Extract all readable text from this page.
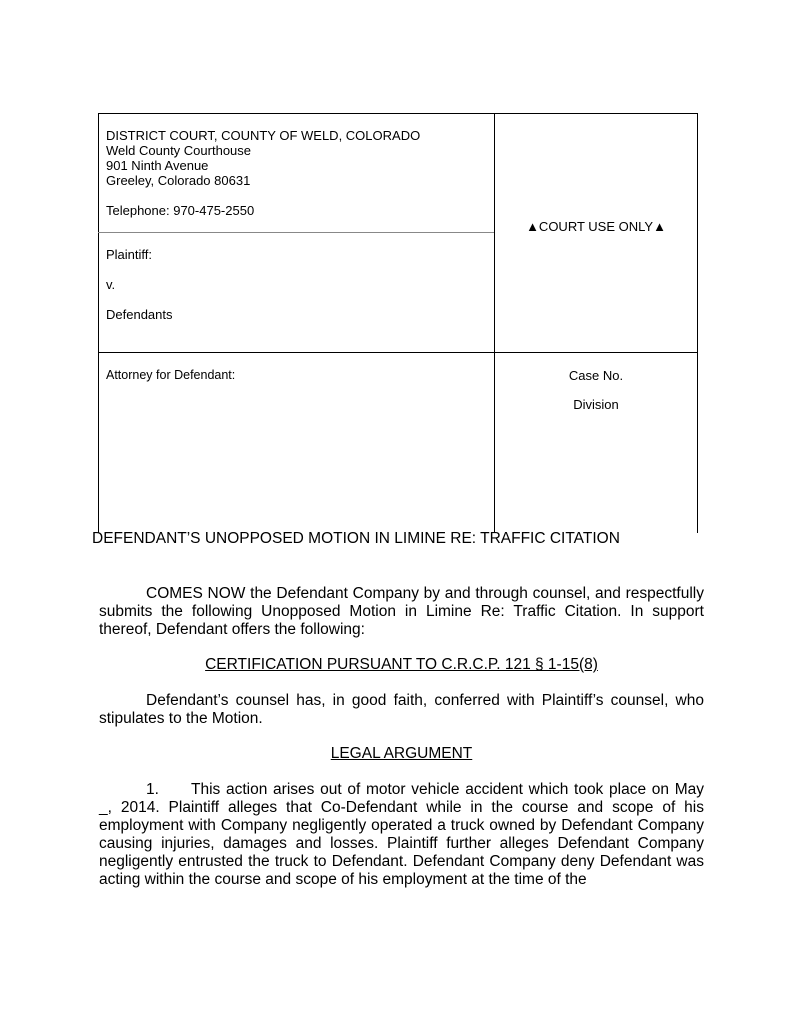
DISTRICT COURT, COUNTY OF WELD, COLORADO
Weld County Courthouse
901 Ninth Avenue
Greeley, Colorado 80631
Telephone: 970-475-2550
Plaintiff:
v.
Defendants
Attorney for Defendant:
▲COURT USE ONLY▲
Case No.
Division
DEFENDANT’S UNOPPOSED MOTION IN LIMINE RE: TRAFFIC CITATION
COMES NOW the Defendant Company by and through counsel, and respectfully submits the following Unopposed Motion in Limine Re: Traffic Citation. In support thereof, Defendant offers the following:
CERTIFICATION PURSUANT TO C.R.C.P. 121 § 1-15(8)
Defendant’s counsel has, in good faith, conferred with Plaintiff’s counsel, who stipulates to the Motion.
LEGAL ARGUMENT
1. This action arises out of motor vehicle accident which took place on May _, 2014. Plaintiff alleges that Co-Defendant while in the course and scope of his employment with Company negligently operated a truck owned by Defendant Company causing injuries, damages and losses. Plaintiff further alleges Defendant Company negligently entrusted the truck to Defendant. Defendant Company deny Defendant was acting within the course and scope of his employment at the time of the
